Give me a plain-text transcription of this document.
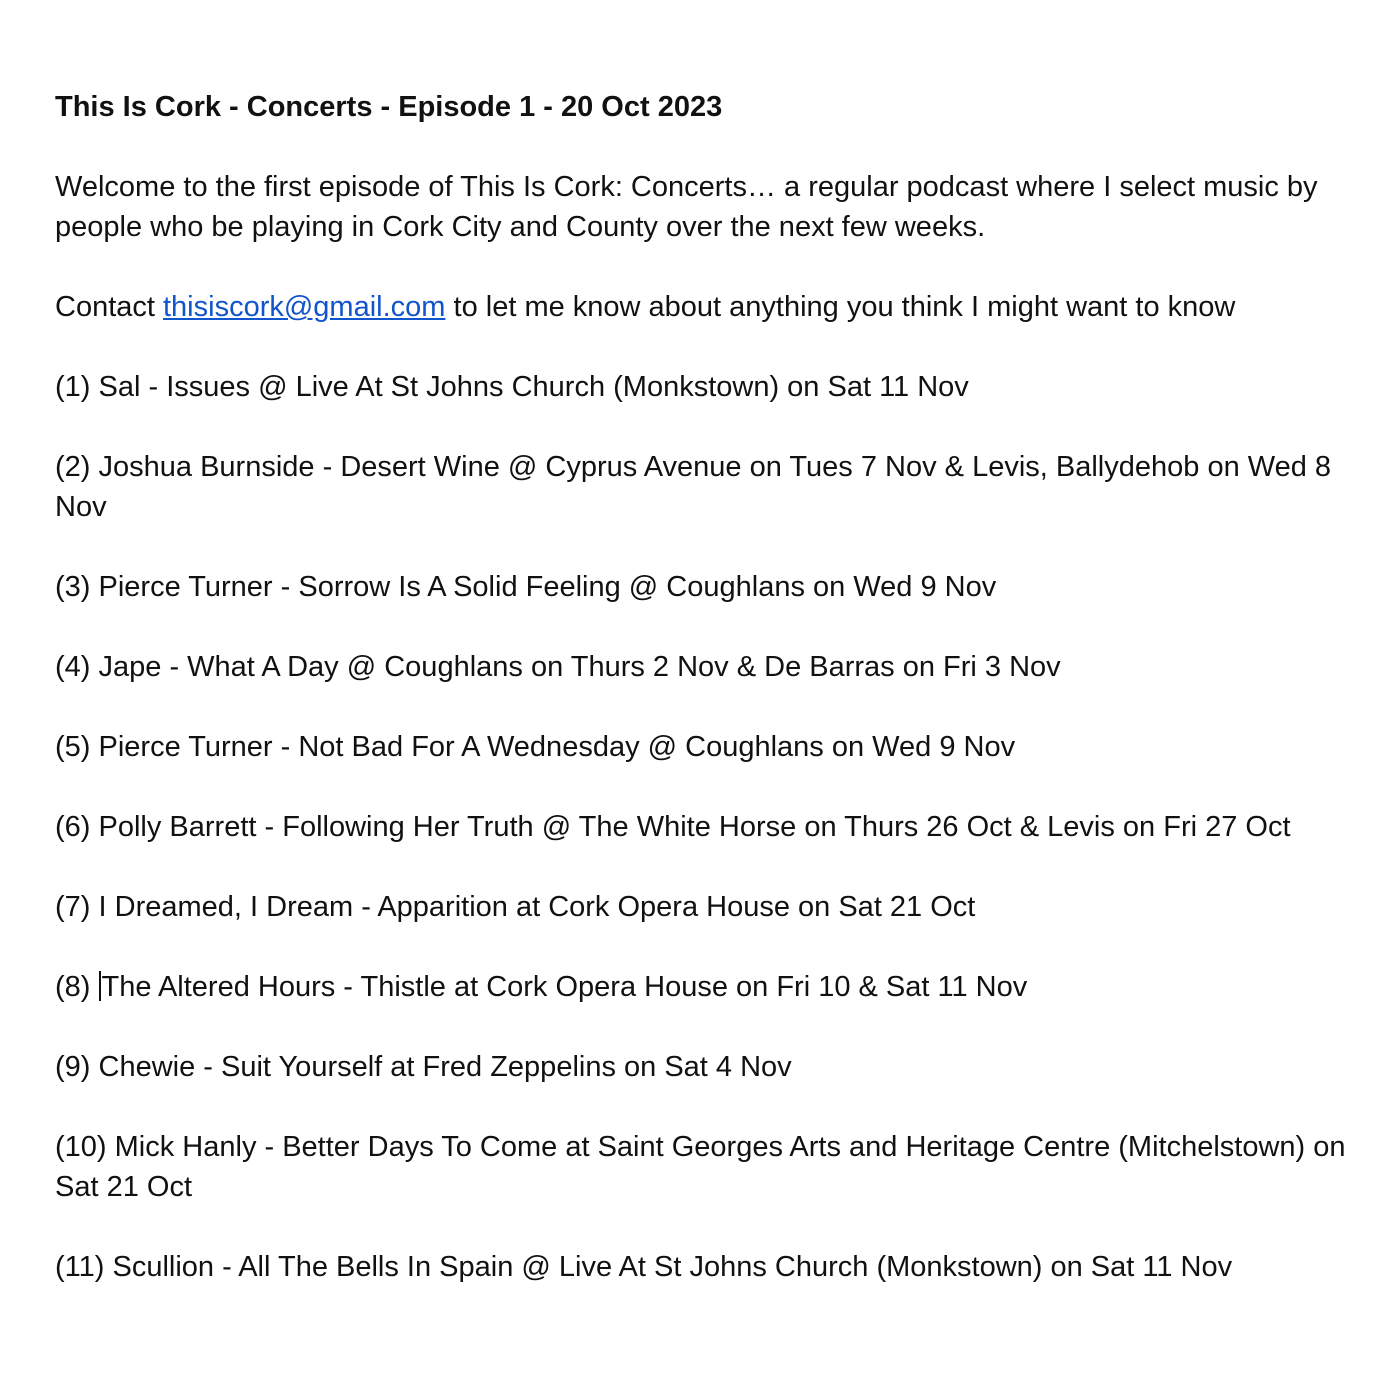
This Is Cork - Concerts - Episode 1 - 20 Oct 2023

Welcome to the first episode of This Is Cork: Concerts… a regular podcast where I select music by people who be playing in Cork City and County over the next few weeks.

Contact thisiscork@gmail.com to let me know about anything you think I might want to know

(1) Sal - Issues @ Live At St Johns Church (Monkstown) on Sat 11 Nov

(2) Joshua Burnside - Desert Wine @ Cyprus Avenue on Tues 7 Nov & Levis, Ballydehob on Wed 8 Nov

(3) Pierce Turner - Sorrow Is A Solid Feeling @ Coughlans on Wed 9 Nov

(4) Jape - What A Day @ Coughlans on Thurs 2 Nov & De Barras on Fri 3 Nov

(5) Pierce Turner - Not Bad For A Wednesday @ Coughlans on Wed 9 Nov

(6) Polly Barrett - Following Her Truth @ The White Horse on Thurs 26 Oct & Levis on Fri 27 Oct

(7) I Dreamed, I Dream - Apparition at Cork Opera House on Sat 21 Oct

(8) The Altered Hours - Thistle at Cork Opera House on Fri 10 & Sat 11 Nov

(9) Chewie - Suit Yourself at Fred Zeppelins on Sat 4 Nov

(10) Mick Hanly - Better Days To Come at Saint Georges Arts and Heritage Centre (Mitchelstown) on Sat 21 Oct

(11) Scullion - All The Bells In Spain @ Live At St Johns Church (Monkstown) on Sat 11 Nov
